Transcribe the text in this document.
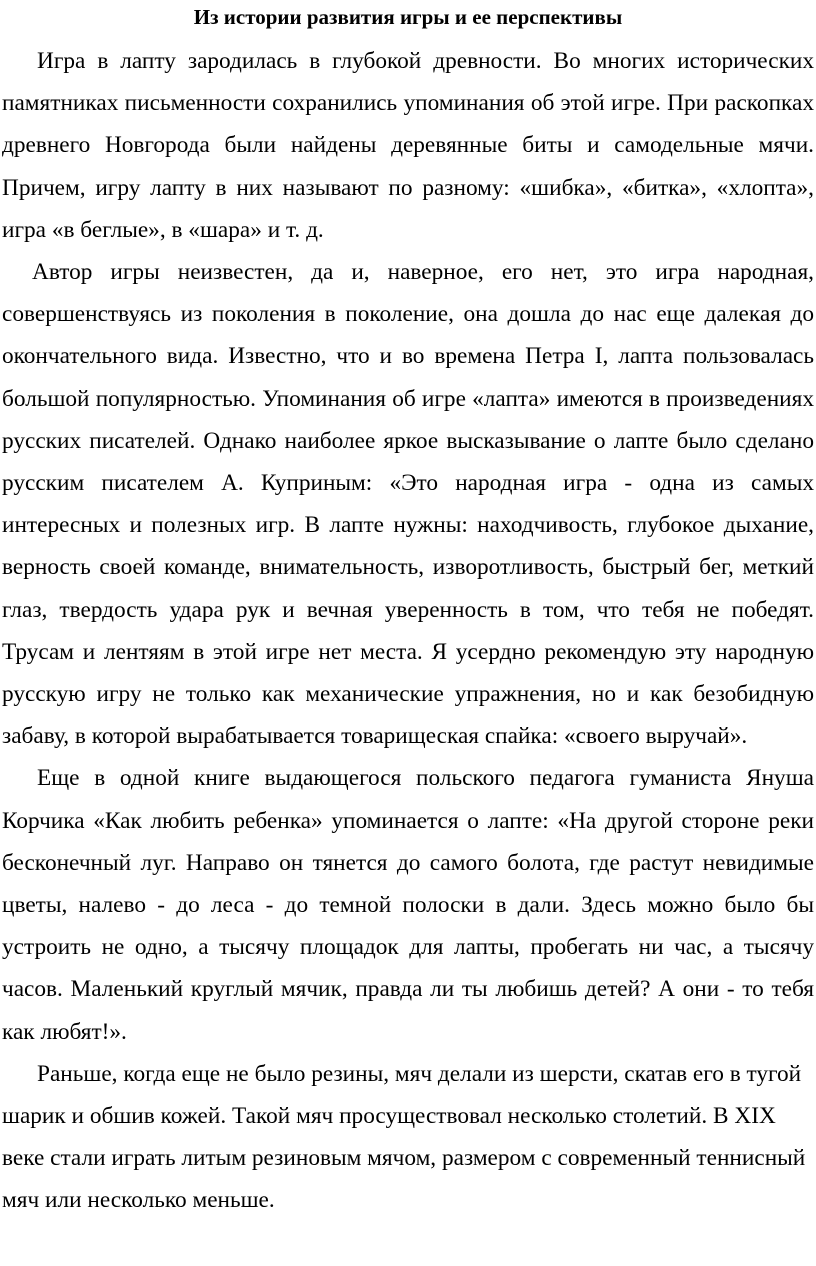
Из истории развития игры и ее перспективы

Игра в лапту зародилась в глубокой древности. Во многих исторических памятниках письменности сохранились упоминания об этой игре. При раскопках древнего Новгорода были найдены деревянные биты и самодельные мячи. Причем, игру лапту в них называют по разному: «шибка», «битка», «хлопта», игра «в беглые», в «шара» и т. д.

Автор игры неизвестен, да и, наверное, его нет, это игра народная, совершенствуясь из поколения в поколение, она дошла до нас еще далекая до окончательного вида. Известно, что и во времена Петра I, лапта пользовалась большой популярностью. Упоминания об игре «лапта» имеются в произведениях русских писателей. Однако наиболее яркое высказывание о лапте было сделано русским писателем А. Куприным: «Это народная игра - одна из самых интересных и полезных игр. В лапте нужны: находчивость, глубокое дыхание, верность своей команде, внимательность, изворотливость, быстрый бег, меткий глаз, твердость удара рук и вечная уверенность в том, что тебя не победят. Трусам и лентяям в этой игре нет места. Я усердно рекомендую эту народную русскую игру не только как механические упражнения, но и как безобидную забаву, в которой вырабатывается товарищеская спайка: «своего выручай».

Еще в одной книге выдающегося польского педагога гуманиста Януша Корчика «Как любить ребенка» упоминается о лапте: «На другой стороне реки бесконечный луг. Направо он тянется до самого болота, где растут невидимые цветы, налево - до леса - до темной полоски в дали. Здесь можно было бы устроить не одно, а тысячу площадок для лапты, пробегать ни час, а тысячу часов. Маленький круглый мячик, правда ли ты любишь детей? А они - то тебя как любят!».

Раньше, когда еще не было резины, мяч делали из шерсти, скатав его в тугой шарик и обшив кожей. Такой мяч просуществовал несколько столетий. В XIX веке стали играть литым резиновым мячом, размером с современный теннисный мяч или несколько меньше.
